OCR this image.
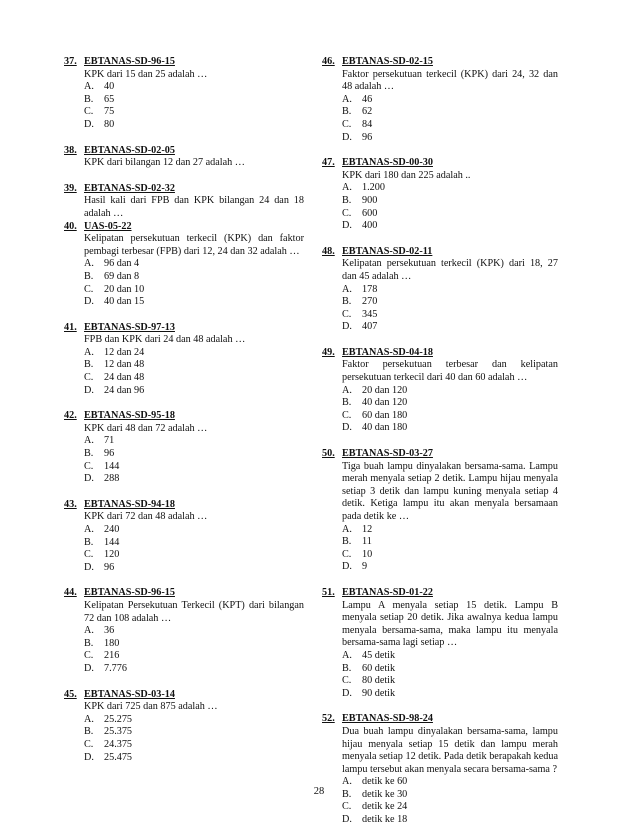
37. EBTANAS-SD-96-15
KPK dari 15 dan 25 adalah …
A. 40
B.	65
C.	75
D. 80
38. EBTANAS-SD-02-05
KPK dari bilangan 12 dan 27 adalah …
39. EBTANAS-SD-02-32
Hasil kali dari FPB dan KPK bilangan 24 dan 18 adalah …
40. UAS-05-22
Kelipatan persekutuan terkecil (KPK) dan faktor pembagi terbesar (FPB) dari 12, 24 dan 32 adalah …
A. 96 dan 4
B.	69 dan 8
C.	20 dan 10
D. 40 dan 15
41. EBTANAS-SD-97-13
FPB dan KPK dari 24 dan 48 adalah …
A. 12 dan 24
B.	12 dan 48
C.	24 dan 48
D. 24 dan 96
42. EBTANAS-SD-95-18
KPK dari 48 dan 72 adalah …
A. 71
B.	96
C.	144
D. 288
43. EBTANAS-SD-94-18
KPK dari 72 dan 48 adalah …
A. 240
B.	144
C.	120
D. 96
44. EBTANAS-SD-96-15
Kelipatan Persekutuan Terkecil (KPT) dari bilangan 72 dan 108 adalah …
A. 36
B.	180
C.	216
D. 7.776
45. EBTANAS-SD-03-14
KPK dari 725 dan 875 adalah …
A. 25.275
B.	25.375
C.	24.375
D. 25.475
46. EBTANAS-SD-02-15
Faktor persekutuan terkecil (KPK) dari 24, 32 dan 48 adalah …
A. 46
B.	62
C.	84
D. 96
47. EBTANAS-SD-00-30
KPK dari 180 dan 225 adalah ..
A. 1.200
B.	900
C.	600
D. 400
48. EBTANAS-SD-02-11
Kelipatan persekutuan terkecil (KPK) dari 18, 27 dan 45 adalah …
A. 178
B.	270
C.	345
D. 407
49. EBTANAS-SD-04-18
Faktor persekutuan terbesar dan kelipatan persekutuan terkecil dari 40 dan 60 adalah …
A. 20 dan 120
B.	40 dan 120
C.	60 dan 180
D. 40 dan 180
50. EBTANAS-SD-03-27
Tiga buah lampu dinyalakan bersama-sama. Lampu merah menyala setiap 2 detik. Lampu hijau menyala setiap 3 detik dan lampu kuning menyala setiap 4 detik. Ketiga lampu itu akan menyala bersamaan pada detik ke …
A. 12
B.	11
C.	10
D. 9
51. EBTANAS-SD-01-22
Lampu A menyala setiap 15 detik. Lampu B menyala setiap 20 detik. Jika awalnya kedua lampu menyala bersama-sama, maka lampu itu menyala bersama-sama lagi setiap …
A. 45 detik
B.	60 detik
C.	80 detik
D. 90 detik
52. EBTANAS-SD-98-24
Dua buah lampu dinyalakan bersama-sama, lampu hijau menyala setiap 15 detik dan lampu merah menyala setiap 12 detik. Pada detik berapakah kedua lampu tersebut akan menyala secara bersama-sama ?
A. detik ke 60
B.	detik ke 30
C.	detik ke 24
D. detik ke 18
28
